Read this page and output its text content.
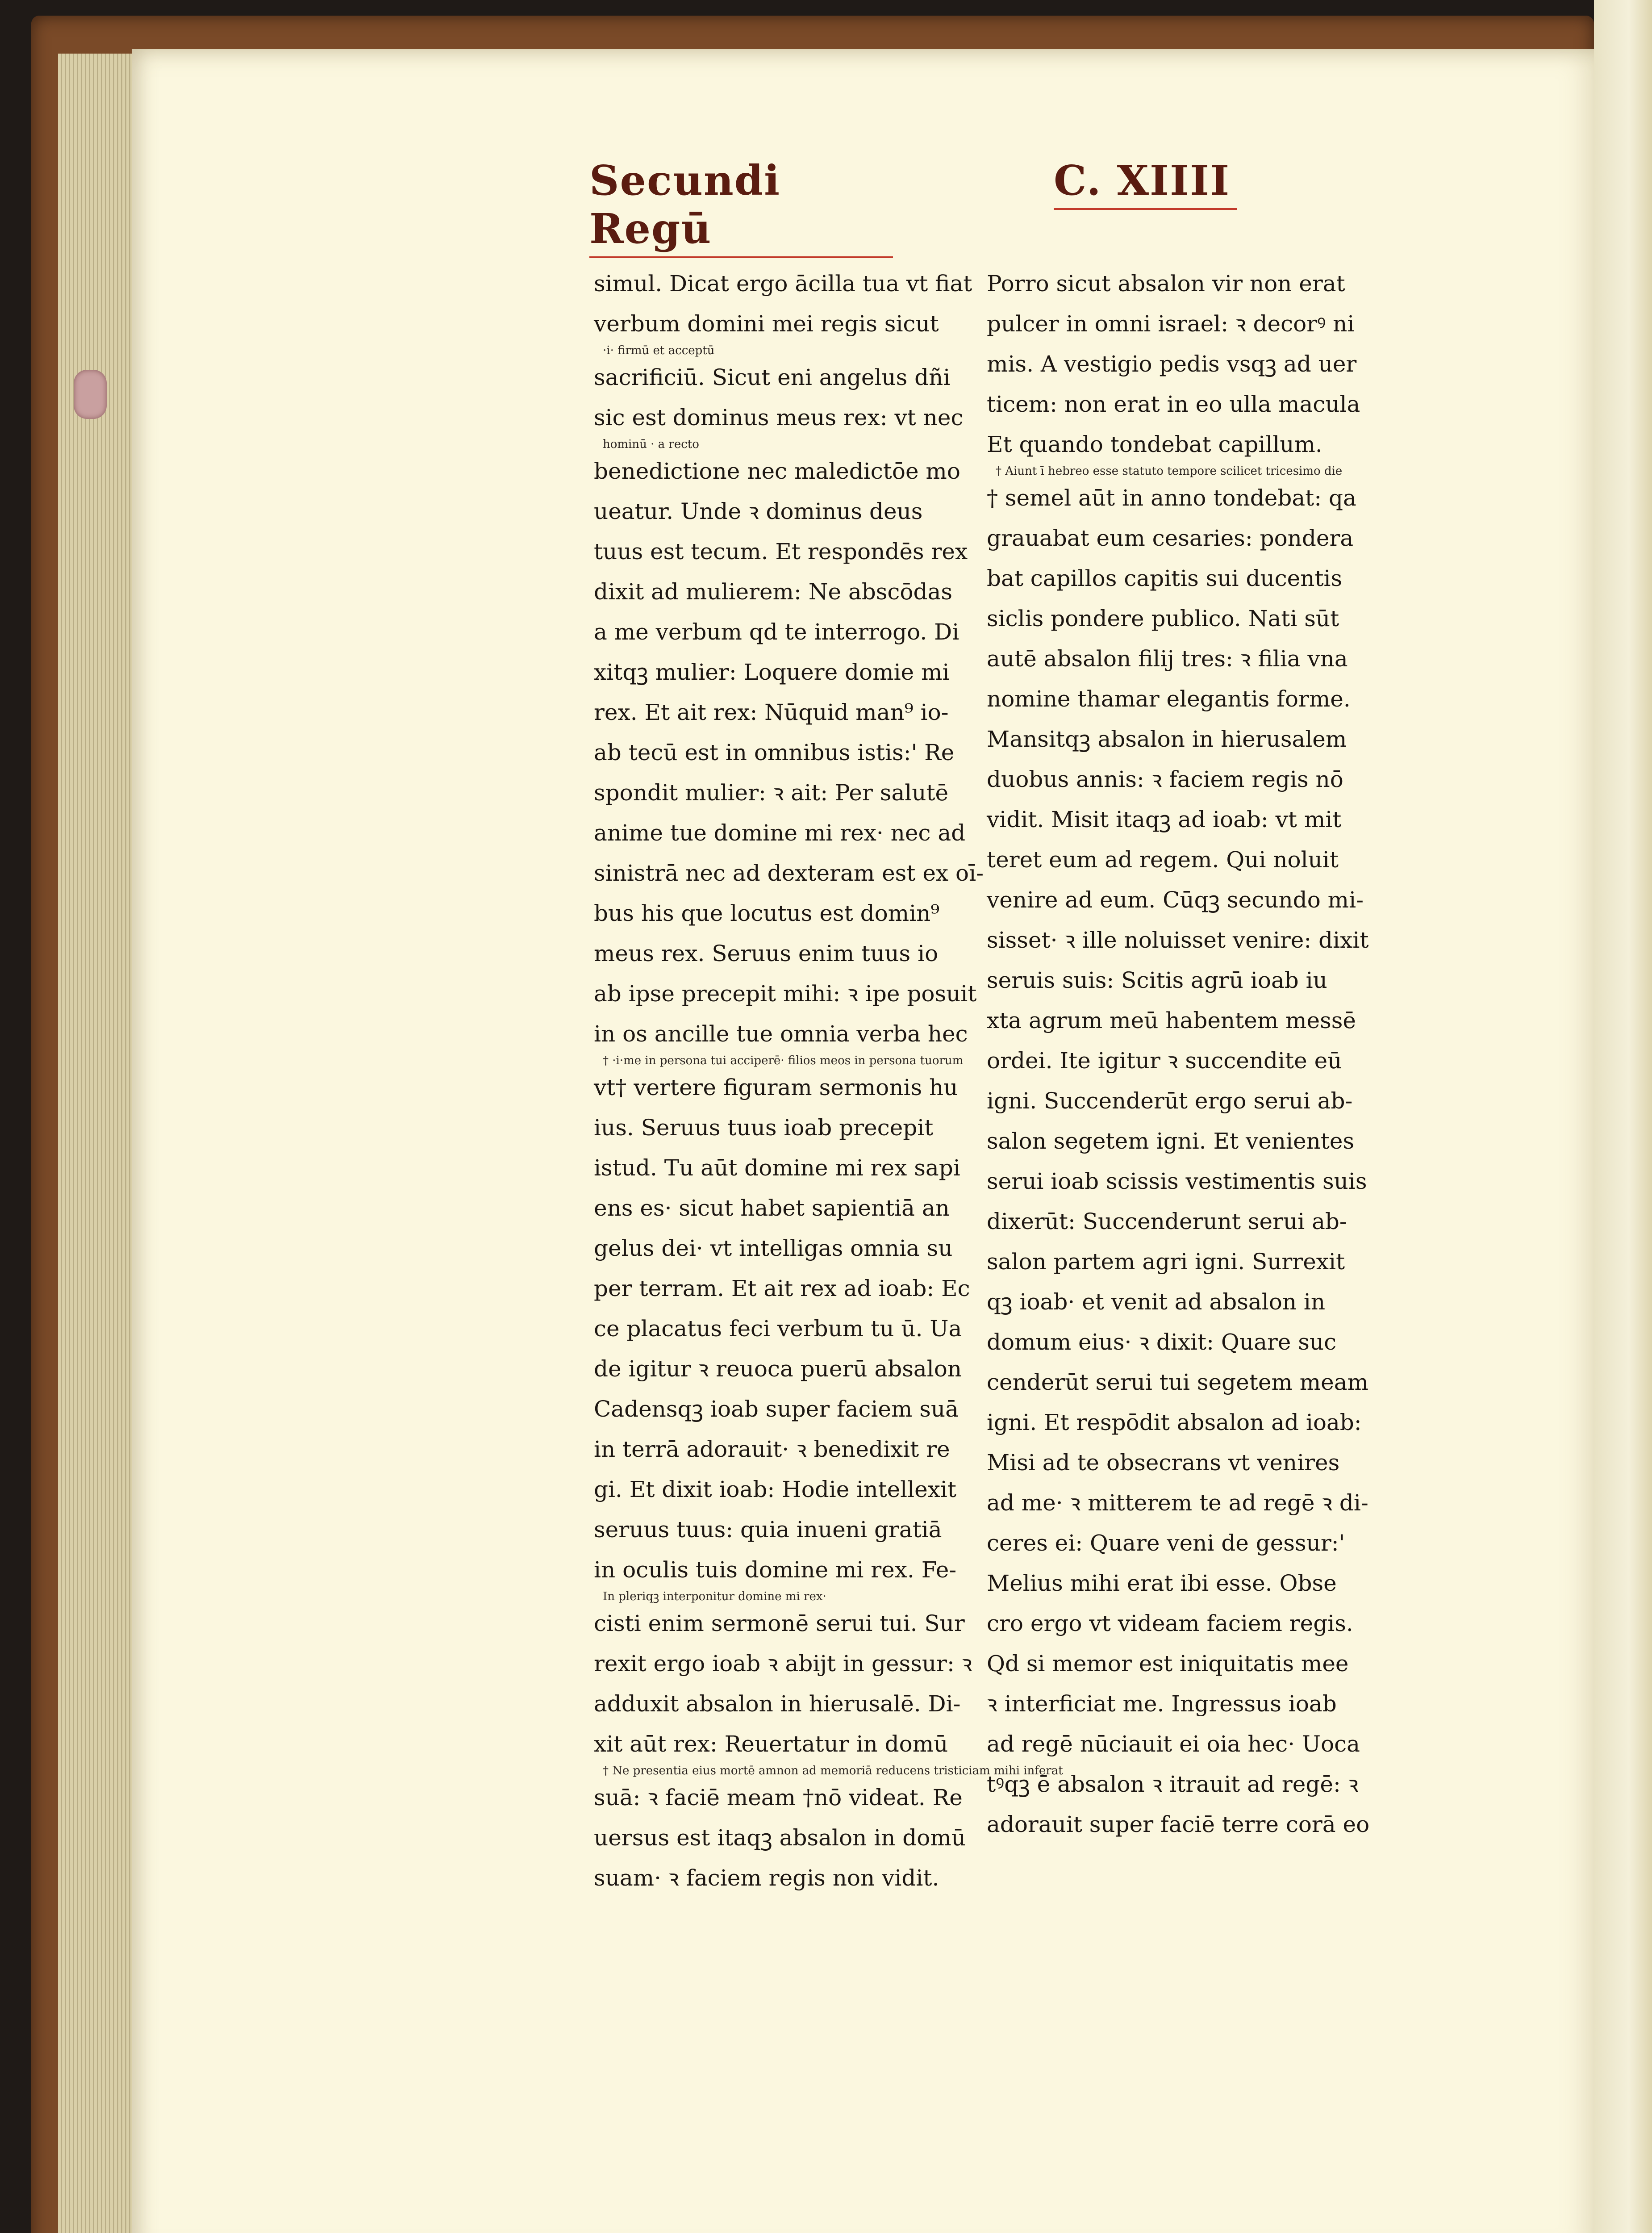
Secundi Regū
C. XIIII
simul. Dicat ergo ācilla tua vt fiat
verbum domini mei regis sicut
·i· firmū et acceptū
sacrificiū. Sicut eni angelus dñi
sic est dominus meus rex: vt nec
hominū · a recto
benedictione nec maledictōe mo
ueatur. Unde ꝛ dominus deus
tuus est tecum. Et respondēs rex
dixit ad mulierem: Ne abscōdas
a me verbum qd te interrogo. Di
xitqꝫ mulier: Loquere domie mi
rex. Et ait rex: Nūquid man⁹ io-
ab tecū est in omnibus istis:' Re
spondit mulier: ꝛ ait: Per salutē
anime tue domine mi rex· nec ad
sinistrā nec ad dexteram est ex oī-
bus his que locutus est domin⁹
meus rex. Seruus enim tuus io
ab ipse precepit mihi: ꝛ ipe posuit
in os ancille tue omnia verba hec
† ·i·me in persona tui acciperē· filios meos in persona tuorum
vt† vertere figuram sermonis hu
ius. Seruus tuus ioab precepit
istud. Tu aūt domine mi rex sapi
ens es· sicut habet sapientiā an
gelus dei· vt intelligas omnia su
per terram. Et ait rex ad ioab: Ec
ce placatus feci verbum tu ū. Ua
de igitur ꝛ reuoca puerū absalon
Cadensqꝫ ioab super faciem suā
in terrā adorauit· ꝛ benedixit re
gi. Et dixit ioab: Hodie intellexit
seruus tuus: quia inueni gratiā
in oculis tuis domine mi rex. Fe-
In pleriqꝫ interponitur domine mi rex·
cisti enim sermonē serui tui. Sur
rexit ergo ioab ꝛ abijt in gessur: ꝛ
adduxit absalon in hierusalē. Di-
xit aūt rex: Reuertatur in domū
† Ne presentia eius mortē amnon ad memoriā reducens tristiciam mihi inferat
suā: ꝛ faciē meam †nō videat. Re
uersus est itaqꝫ absalon in domū
suam· ꝛ faciem regis non vidit.
Porro sicut absalon vir non erat
pulcer in omni israel: ꝛ decorꝰ ni
mis. A vestigio pedis vsqꝫ ad uer
ticem: non erat in eo ulla macula
Et quando tondebat capillum.
† Aiunt ī hebreo esse statuto tempore scilicet tricesimo die
† semel aūt in anno tondebat: qa
grauabat eum cesaries: pondera
bat capillos capitis sui ducentis
siclis pondere publico. Nati sūt
autē absalon filij tres: ꝛ filia vna
nomine thamar elegantis forme.
Mansitqꝫ absalon in hierusalem
duobus annis: ꝛ faciem regis nō
vidit. Misit itaqꝫ ad ioab: vt mit
teret eum ad regem. Qui noluit
venire ad eum. Cūqꝫ secundo mi-
sisset· ꝛ ille noluisset venire: dixit
seruis suis: Scitis agrū ioab iu
xta agrum meū habentem messē
ordei. Ite igitur ꝛ succendite eū
igni. Succenderūt ergo serui ab-
salon segetem igni. Et venientes
serui ioab scissis vestimentis suis
dixerūt: Succenderunt serui ab-
salon partem agri igni. Surrexit
qꝫ ioab· et venit ad absalon in
domum eius· ꝛ dixit: Quare suc
cenderūt serui tui segetem meam
igni. Et respōdit absalon ad ioab:
Misi ad te obsecrans vt venires
ad me· ꝛ mitterem te ad regē ꝛ di-
ceres ei: Quare veni de gessur:'
Melius mihi erat ibi esse. Obse
cro ergo vt videam faciem regis.
Qd si memor est iniquitatis mee
ꝛ interficiat me. Ingressus ioab
ad regē nūciauit ei oia hec· Uoca
tꝰqꝫ ē absalon ꝛ itrauit ad regē: ꝛ
adorauit super faciē terre corā eo
